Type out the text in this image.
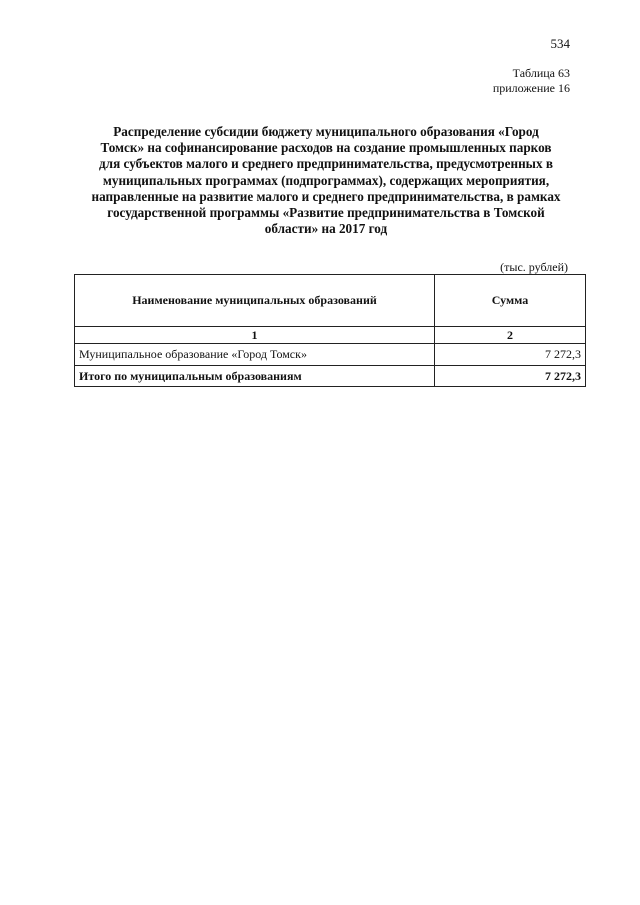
534
Таблица 63
приложение 16
Распределение субсидии бюджету муниципального образования «Город
Томск» на софинансирование расходов на создание промышленных парков
для субъектов малого и среднего предпринимательства, предусмотренных в
муниципальных программах (подпрограммах), содержащих мероприятия,
направленные на развитие малого и среднего предпринимательства, в рамках
государственной программы «Развитие предпринимательства в Томской
области» на 2017 год
(тыс. рублей)
Наименование муниципальных образований	Сумма
1	2
Муниципальное образование «Город Томск»	7 272,3
Итого по муниципальным образованиям	7 272,3
